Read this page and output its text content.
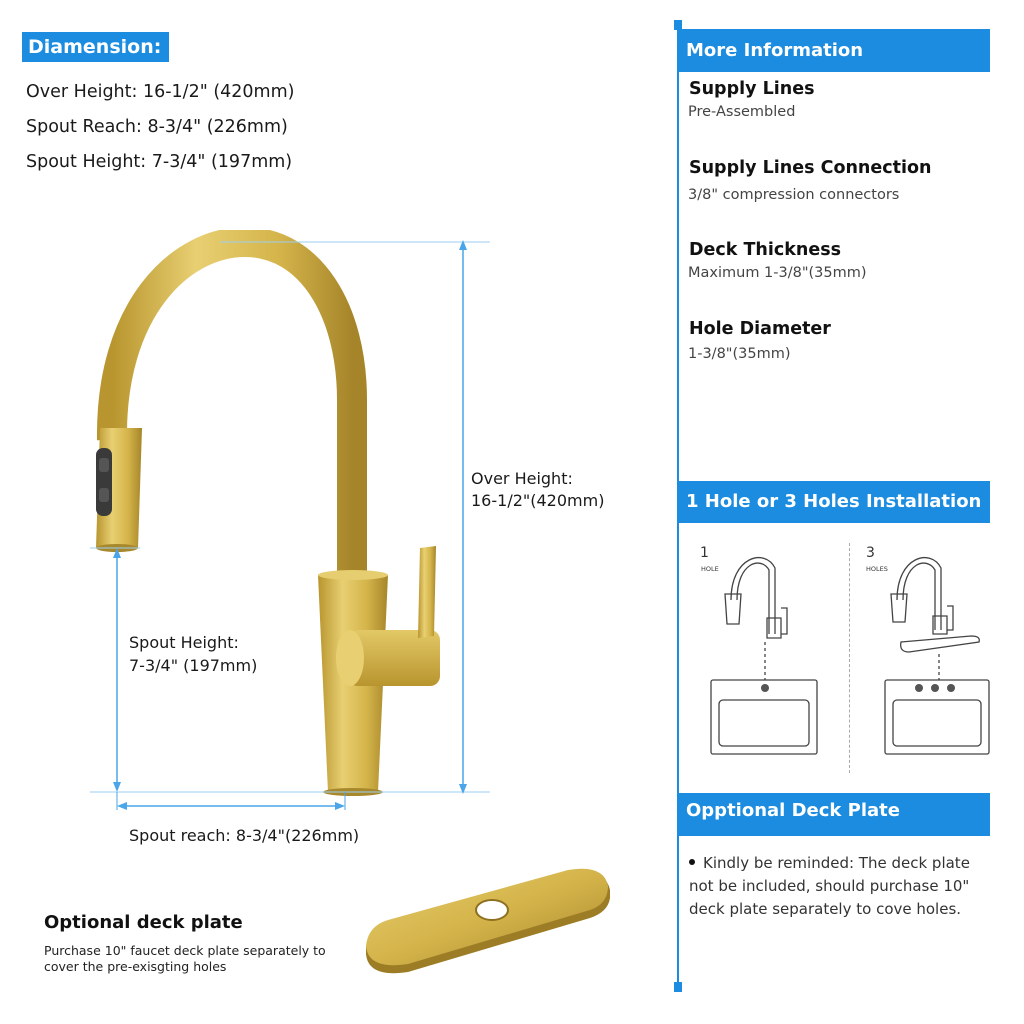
Diamension:
Over Height: 16-1/2" (420mm)
Spout Reach: 8-3/4" (226mm)
Spout Height: 7-3/4" (197mm)
Over Height:
16-1/2"(420mm)
Spout Height:
7-3/4" (197mm)
Spout reach: 8-3/4"(226mm)
Optional deck plate
Purchase 10" faucet deck plate separately to cover the pre-exisgting holes
More Information
Supply Lines
Pre-Assembled
Supply Lines Connection
3/8" compression connectors
Deck Thickness
Maximum 1-3/8"(35mm)
Hole Diameter
1-3/8"(35mm)
1 Hole or 3 Holes Installation
1
HOLE
3
HOLES
Opptional Deck Plate
Kindly be reminded: The deck plate not be included, should purchase 10" deck plate separately to cove holes.
